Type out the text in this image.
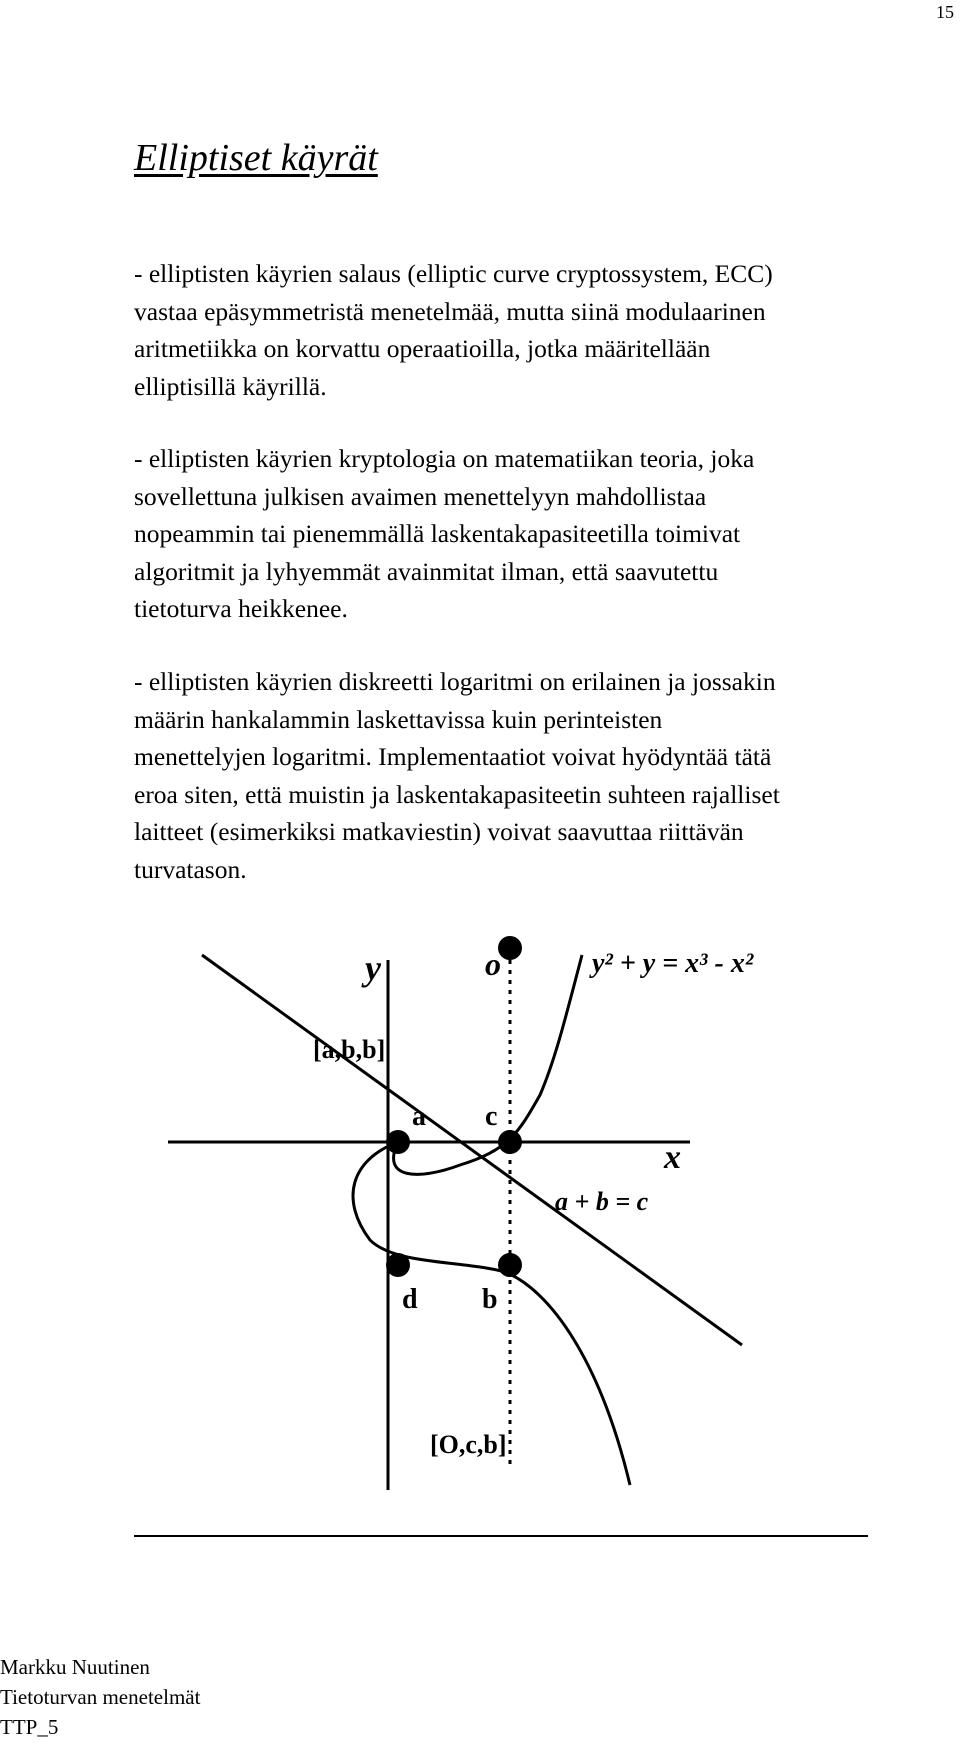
15
Elliptiset käyrät

- elliptisten käyrien salaus (elliptic curve cryptossystem, ECC)
vastaa epäsymmetristä menetelmää, mutta siinä modulaarinen
aritmetiikka on korvattu operaatioilla, jotka määritellään
elliptisillä käyrillä.

- elliptisten käyrien kryptologia on matematiikan teoria, joka
sovellettuna julkisen avaimen menettelyyn mahdollistaa
nopeammin tai pienemmällä laskentakapasiteetilla toimivat
algoritmit ja lyhyemmät avainmitat ilman, että saavutettu
tietoturva heikkenee.

- elliptisten käyrien diskreetti logaritmi on erilainen ja jossakin
määrin hankalammin laskettavissa kuin perinteisten
menettelyjen logaritmi. Implementaatiot voivat hyödyntää tätä
eroa siten, että muistin ja laskentakapasiteetin suhteen rajalliset
laitteet (esimerkiksi matkaviestin) voivat saavuttaa riittävän
turvatason.

y	o	y² + y = x³ - x²
[a,b,b]
a c
x
a + b = c
d b
[O,c,b]
Markku Nuutinen
Tietoturvan menetelmät
TTP_5
